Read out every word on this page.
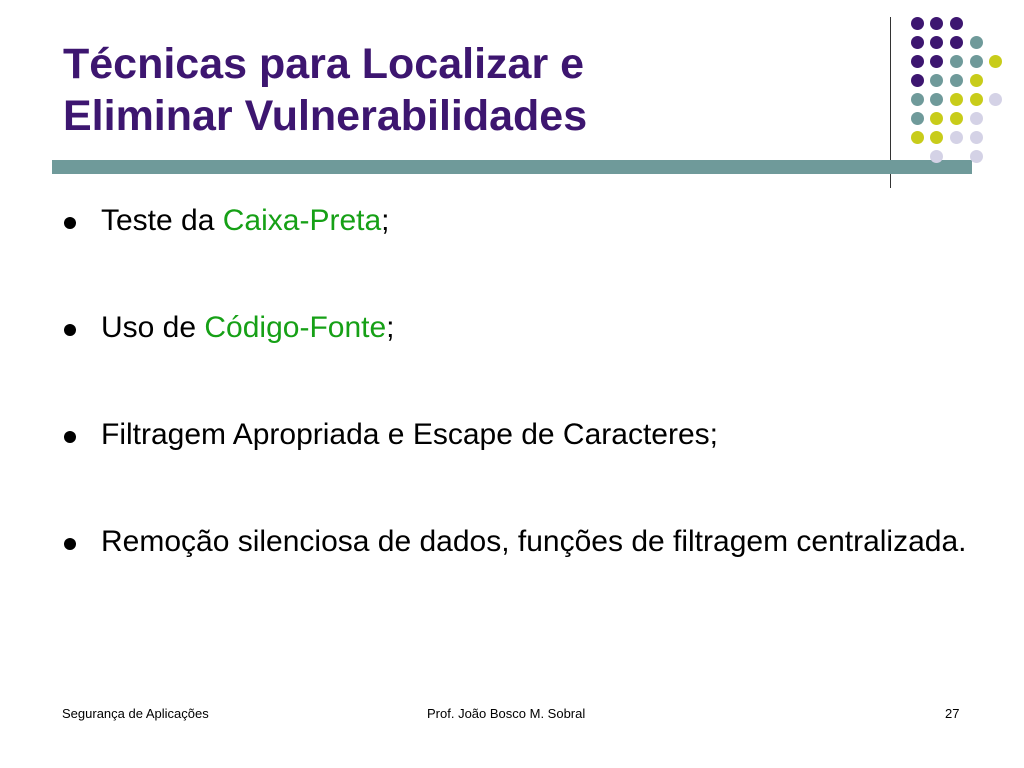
Técnicas para Localizar e
Eliminar Vulnerabilidades
Teste da Caixa-Preta;
Uso de Código-Fonte;
Filtragem Apropriada e Escape de Caracteres;
Remoção silenciosa de dados, funções de filtragem centralizada.
Segurança de Aplicações	Prof. João Bosco M. Sobral	27
